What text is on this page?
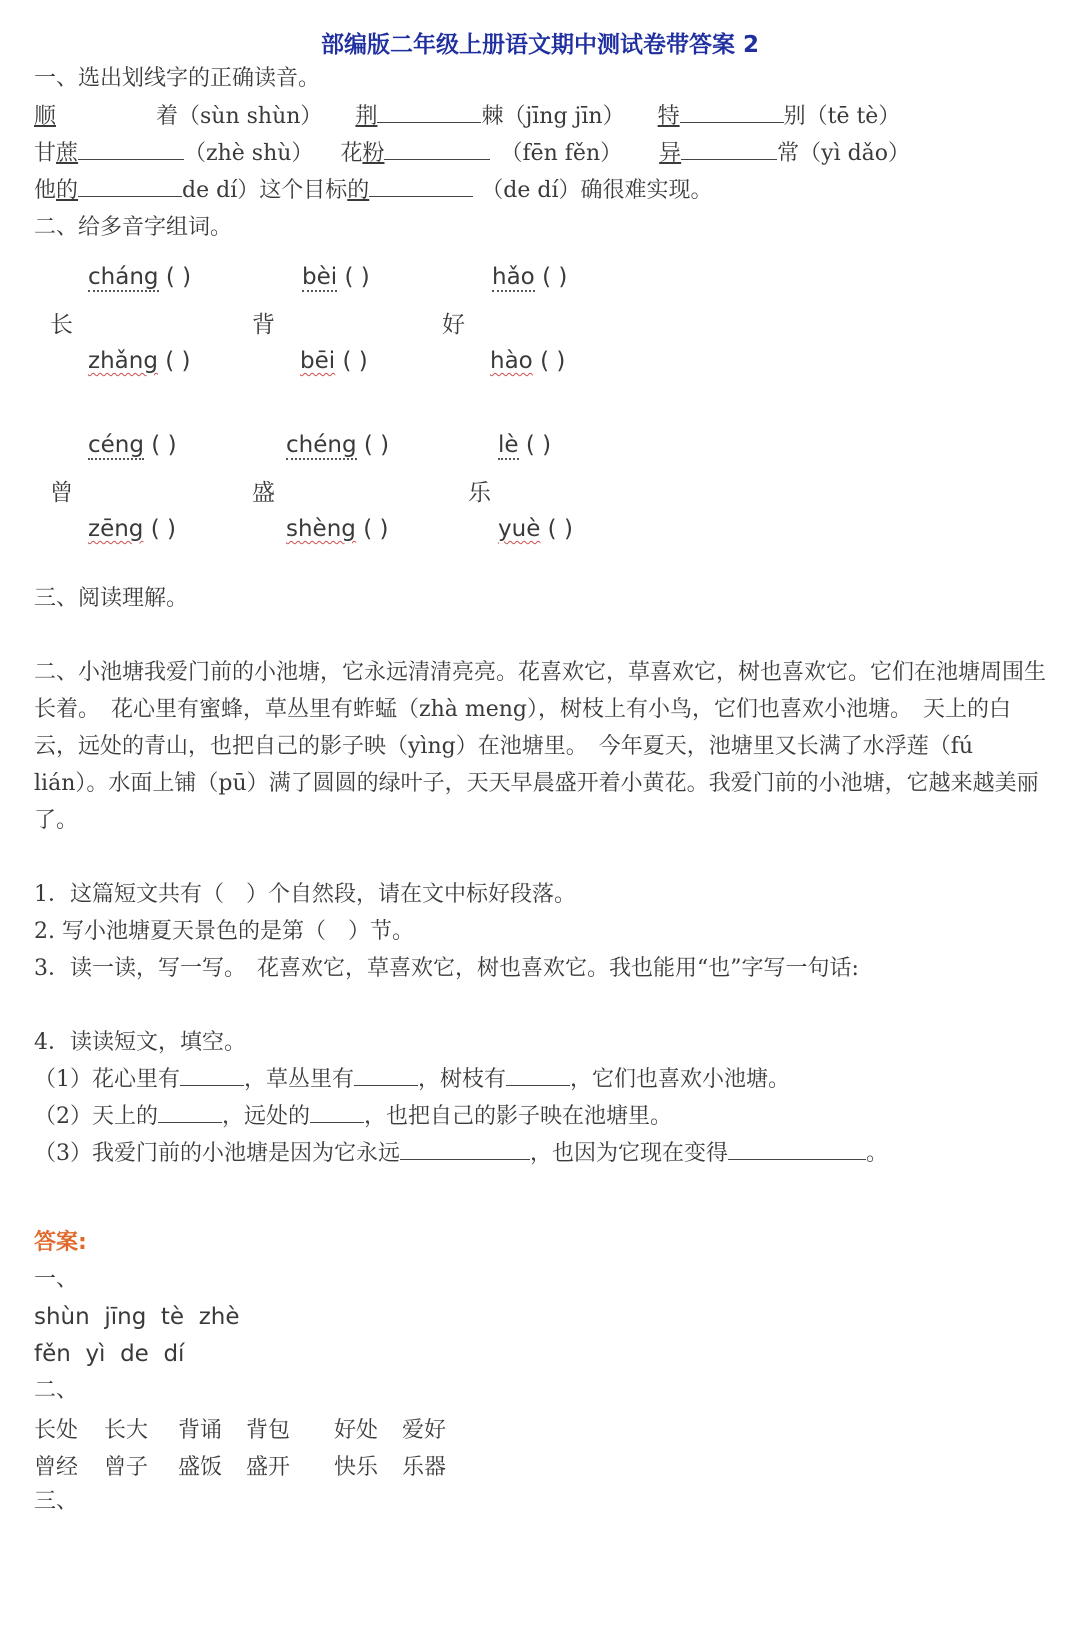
部编版二年级上册语文期中测试卷带答案 2
一、选出划线字的正确读音。
顺	着（sùn shùn） 荆	棘（jīng jīn） 特	别（tē tè）
甘蔗	（zhè shù） 花粉	（fēn fěn） 异	常（yì dǎo）
他的	de dí）这个目标的	（de dí）确很难实现。
二、给多音字组词。
cháng ( )	bèi ( )	hǎo ( )
长	背	好
zhǎng ( )	bēi ( )	hào ( )
céng ( )	chéng ( )	lè ( )
曾	盛	乐
zēng ( )	shèng ( )	yuè ( )
三、阅读理解。
二、小池塘我爱门前的小池塘，它永远清清亮亮。花喜欢它，草喜欢它，树也喜欢它。它们在池塘周围生长着。　花心里有蜜蜂，草丛里有蚱蜢（zhà meng），树枝上有小鸟，它们也喜欢小池塘。　天上的白云，远处的青山，也把自己的影子映（yìng）在池塘里。　今年夏天，池塘里又长满了水浮莲（fú lián）。水面上铺（pū）满了圆圆的绿叶子，天天早晨盛开着小黄花。我爱门前的小池塘，它越来越美丽了。
1．这篇短文共有（　）个自然段，请在文中标好段落。
2. 写小池塘夏天景色的是第（　）节。
3．读一读，写一写。　花喜欢它，草喜欢它，树也喜欢它。我也能用“也”字写一句话:
4．读读短文，填空。
（1）花心里有	，草丛里有	，树枝有	，它们也喜欢小池塘。
（2）天上的	，远处的 ，也把自己的影子映在池塘里。
（3）我爱门前的小池塘是因为它永远	，也因为它现在变得	。
答案:
一、
shùn  jīng  tè  zhè
fěn  yì  de  dí
二、
长处 长大 背诵 背包 好处 爱好
曾经 曾子 盛饭 盛开 快乐 乐器
三、
